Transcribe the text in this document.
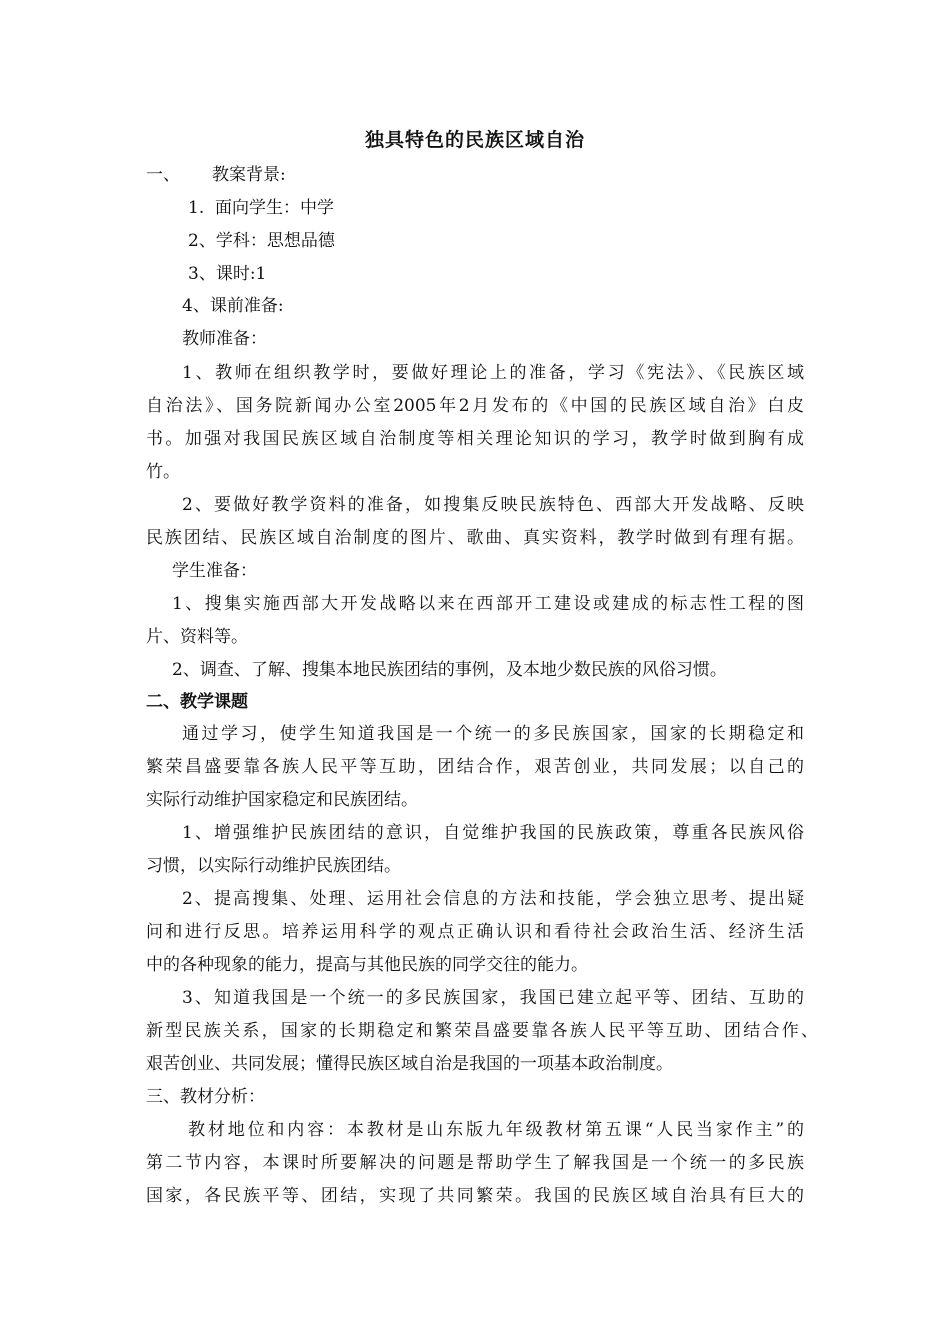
独具特色的民族区域自治
一、 教案背景:
1.  面向学生：中学
2、学科：思想品德
3、课时:1
4、课前准备:
教师准备：
1、教师在组织教学时，要做好理论上的准备，学习《宪法》、《民族区域
自治法》、国务院新闻办公室2005年2月发布的《中国的民族区域自治》白皮
书。加强对我国民族区域自治制度等相关理论知识的学习，教学时做到胸有成
竹。
2、要做好教学资料的准备，如搜集反映民族特色、西部大开发战略、反映
民族团结、民族区域自治制度的图片、歌曲、真实资料，教学时做到有理有据。
学生准备：
1、搜集实施西部大开发战略以来在西部开工建设或建成的标志性工程的图
片、资料等。
2、调查、了解、搜集本地民族团结的事例，及本地少数民族的风俗习惯。
二、教学课题
通过学习，使学生知道我国是一个统一的多民族国家，国家的长期稳定和
繁荣昌盛要靠各族人民平等互助，团结合作，艰苦创业，共同发展；以自己的
实际行动维护国家稳定和民族团结。
1、增强维护民族团结的意识，自觉维护我国的民族政策，尊重各民族风俗
习惯，以实际行动维护民族团结。
2、提高搜集、处理、运用社会信息的方法和技能，学会独立思考、提出疑
问和进行反思。培养运用科学的观点正确认识和看待社会政治生活、经济生活
中的各种现象的能力，提高与其他民族的同学交往的能力。
3、知道我国是一个统一的多民族国家，我国已建立起平等、团结、互助的
新型民族关系，国家的长期稳定和繁荣昌盛要靠各族人民平等互助、团结合作、
艰苦创业、共同发展；懂得民族区域自治是我国的一项基本政治制度。
三、教材分析：
教材地位和内容：本教材是山东版九年级教材第五课“人民当家作主”的
第二节内容，本课时所要解决的问题是帮助学生了解我国是一个统一的多民族
国家，各民族平等、团结，实现了共同繁荣。我国的民族区域自治具有巨大的
